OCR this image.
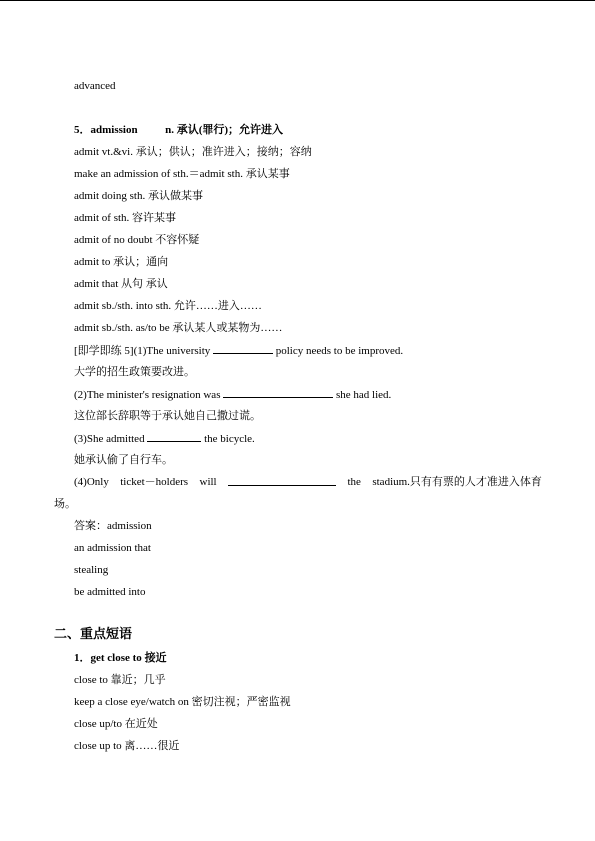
advanced
5．admission	n. 承认(罪行)；允许进入
admit vt.&vi. 承认；供认；准许进入；接纳；容纳
make an admission of sth.＝admit sth. 承认某事
admit doing sth. 承认做某事
admit of sth. 容许某事
admit of no doubt 不容怀疑
admit to 承认；通向
admit that 从句 承认
admit sb./sth. into sth. 允许……进入……
admit sb./sth. as/to be 承认某人或某物为……
[即学即练 5](1)The university	policy needs to be improved.
大学的招生政策要改进。
(2)The minister's resignation was	she had lied.
这位部长辞职等于承认她自己撒过谎。
(3)She admitted	the bicycle.
她承认偷了自行车。
(4)Only ticket－holders will	the stadium.只有有票的人才准进入体育
场。
答案：admission
an admission that
stealing
be admitted into
二、重点短语
1．get close to 接近
close to 靠近；几乎
keep a close eye/watch on 密切注视；严密监视
close up/to 在近处
close up to 离……很近
